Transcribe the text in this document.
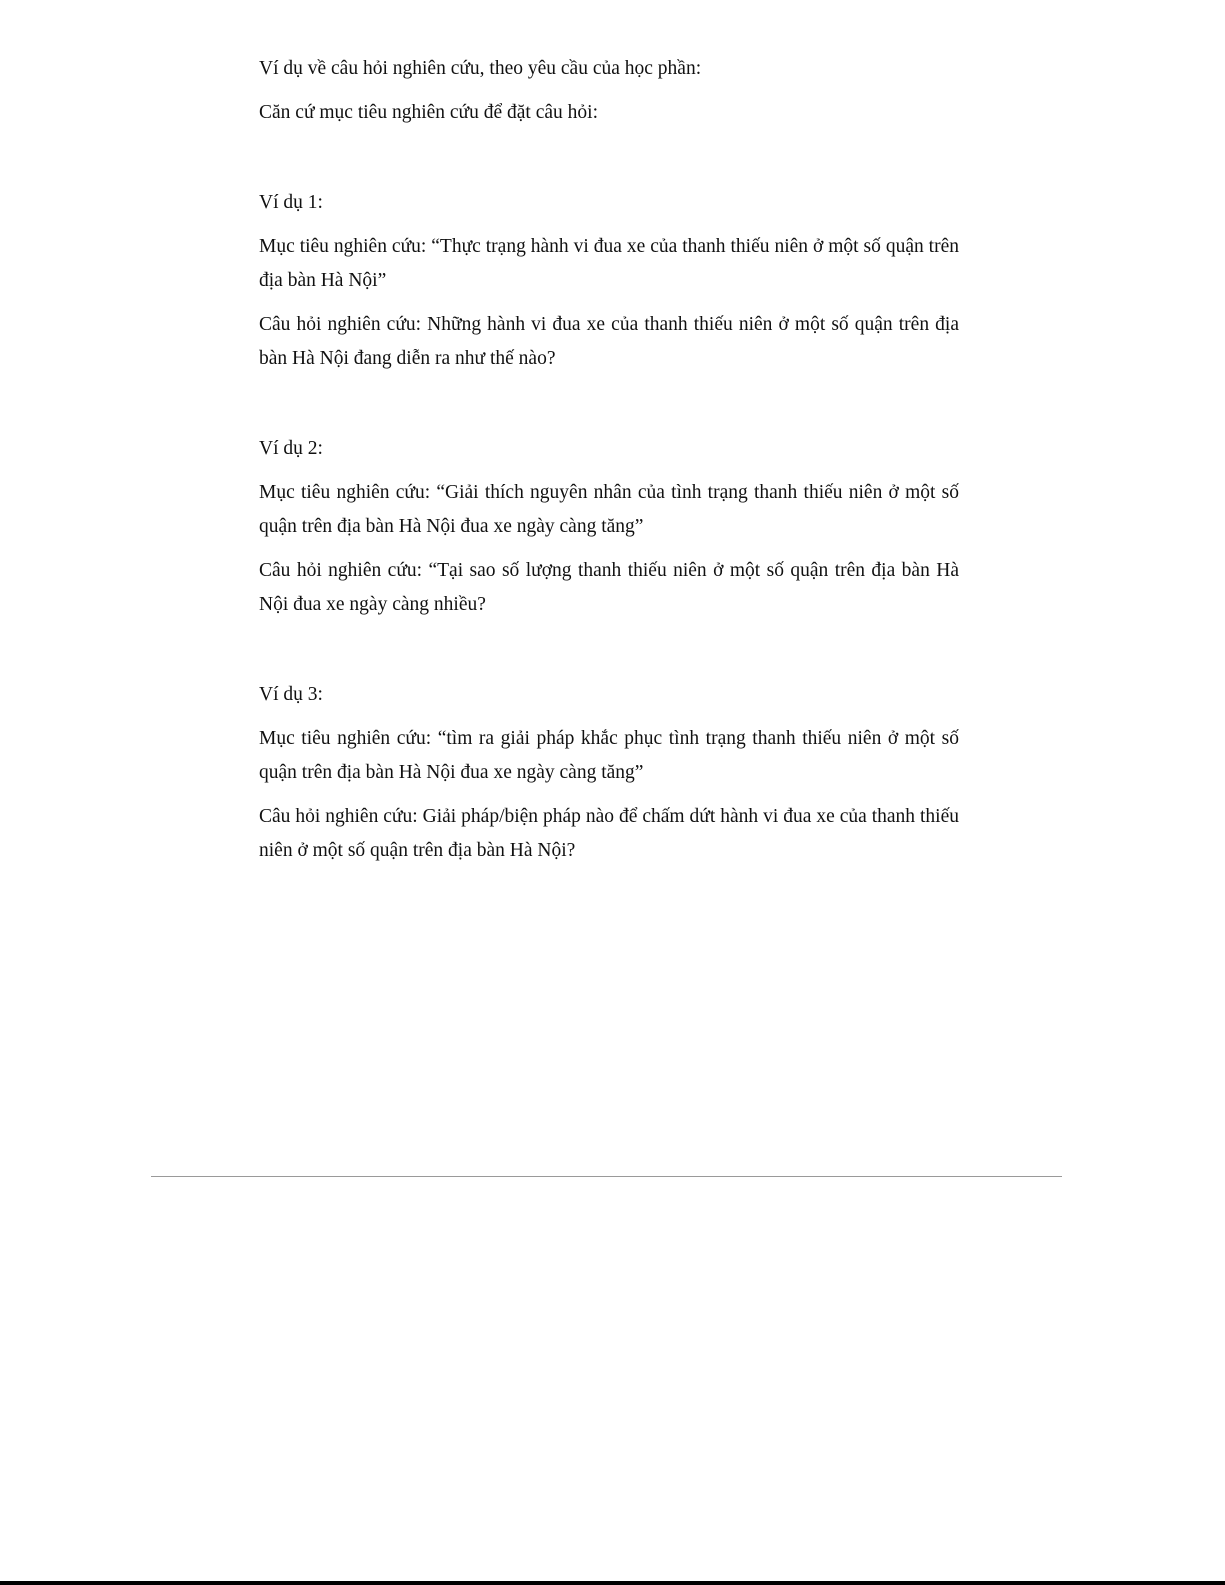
Ví dụ về câu hỏi nghiên cứu, theo yêu cầu của học phần:

Căn cứ mục tiêu nghiên cứu để đặt câu hỏi:

Ví dụ 1:

Mục tiêu nghiên cứu: “Thực trạng hành vi đua xe của thanh thiếu niên ở một số quận trên địa bàn Hà Nội”

Câu hỏi nghiên cứu: Những hành vi đua xe của thanh thiếu niên ở một số quận trên địa bàn Hà Nội đang diễn ra như thế nào?

Ví dụ 2:

Mục tiêu nghiên cứu: “Giải thích nguyên nhân của tình trạng thanh thiếu niên ở một số quận trên địa bàn Hà Nội đua xe ngày càng tăng”

Câu hỏi nghiên cứu: “Tại sao số lượng thanh thiếu niên ở một số quận trên địa bàn Hà Nội đua xe ngày càng nhiều?

Ví dụ 3:

Mục tiêu nghiên cứu: “tìm ra giải pháp khắc phục tình trạng thanh thiếu niên ở một số quận trên địa bàn Hà Nội đua xe ngày càng tăng”

Câu hỏi nghiên cứu: Giải pháp/biện pháp nào để chấm dứt hành vi đua xe của thanh thiếu niên ở một số quận trên địa bàn Hà Nội?
